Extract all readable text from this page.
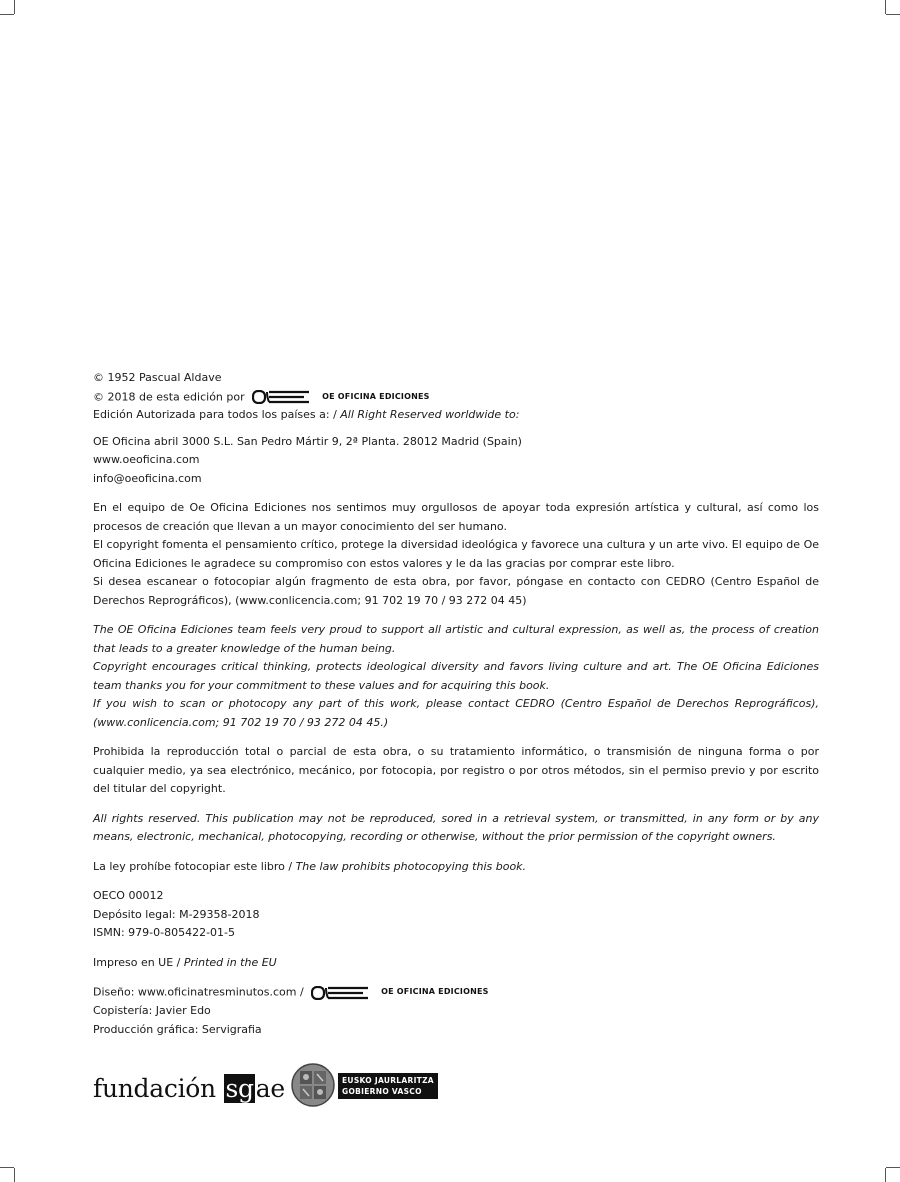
© 1952 Pascual Aldave

© 2018 de esta edición por	OE OFICINA EDICIONES

Edición Autorizada para todos los países a: / All Right Reserved worldwide to:

OE Oficina abril 3000 S.L. San Pedro Mártir 9, 2ª Planta. 28012 Madrid (Spain)

www.oeoficina.com

info@oeoficina.com

En el equipo de Oe Oficina Ediciones nos sentimos muy orgullosos de apoyar toda expresión artística y cultural, así como los procesos de creación que llevan a un mayor conocimiento del ser humano.

El copyright fomenta el pensamiento crítico, protege la diversidad ideológica y favorece una cultura y un arte vivo. El equipo de Oe Oficina Ediciones le agradece su compromiso con estos valores y le da las gracias por comprar este libro.

Si desea escanear o fotocopiar algún fragmento de esta obra, por favor, póngase en contacto con CEDRO (Centro Español de Derechos Reprográficos), (www.conlicencia.com; 91 702 19 70 / 93 272 04 45)

The OE Oficina Ediciones team feels very proud to support all artistic and cultural expression, as well as, the process of creation that leads to a greater knowledge of the human being.

Copyright encourages critical thinking, protects ideological diversity and favors living culture and art. The OE Oficina Ediciones team thanks you for your commitment to these values and for acquiring this book.

If you wish to scan or photocopy any part of this work, please contact CEDRO (Centro Español de Derechos Reprográficos), (www.conlicencia.com; 91 702 19 70 / 93 272 04 45.)

Prohibida la reproducción total o parcial de esta obra, o su tratamiento informático, o transmisión de ninguna forma o por cualquier medio, ya sea electrónico, mecánico, por fotocopia, por registro o por otros métodos, sin el permiso previo y por escrito del titular del copyright.

All rights reserved. This publication may not be reproduced, sored in a retrieval system, or transmitted, in any form or by any means, electronic, mechanical, photocopying, recording or otherwise, without the prior permission of the copyright owners.

La ley prohíbe fotocopiar este libro / The law prohibits photocopying this book.

OECO 00012

Depósito legal: M-29358-2018

ISMN: 979-0-805422-01-5

Impreso en UE / Printed in the EU

Diseño: www.oficinatresminutos.com /	OE OFICINA EDICIONES

Copistería: Javier Edo

Producción gráfica: Servigrafia

fundación sgae	EUSKO JAURLARITZA
GOBIERNO VASCO
